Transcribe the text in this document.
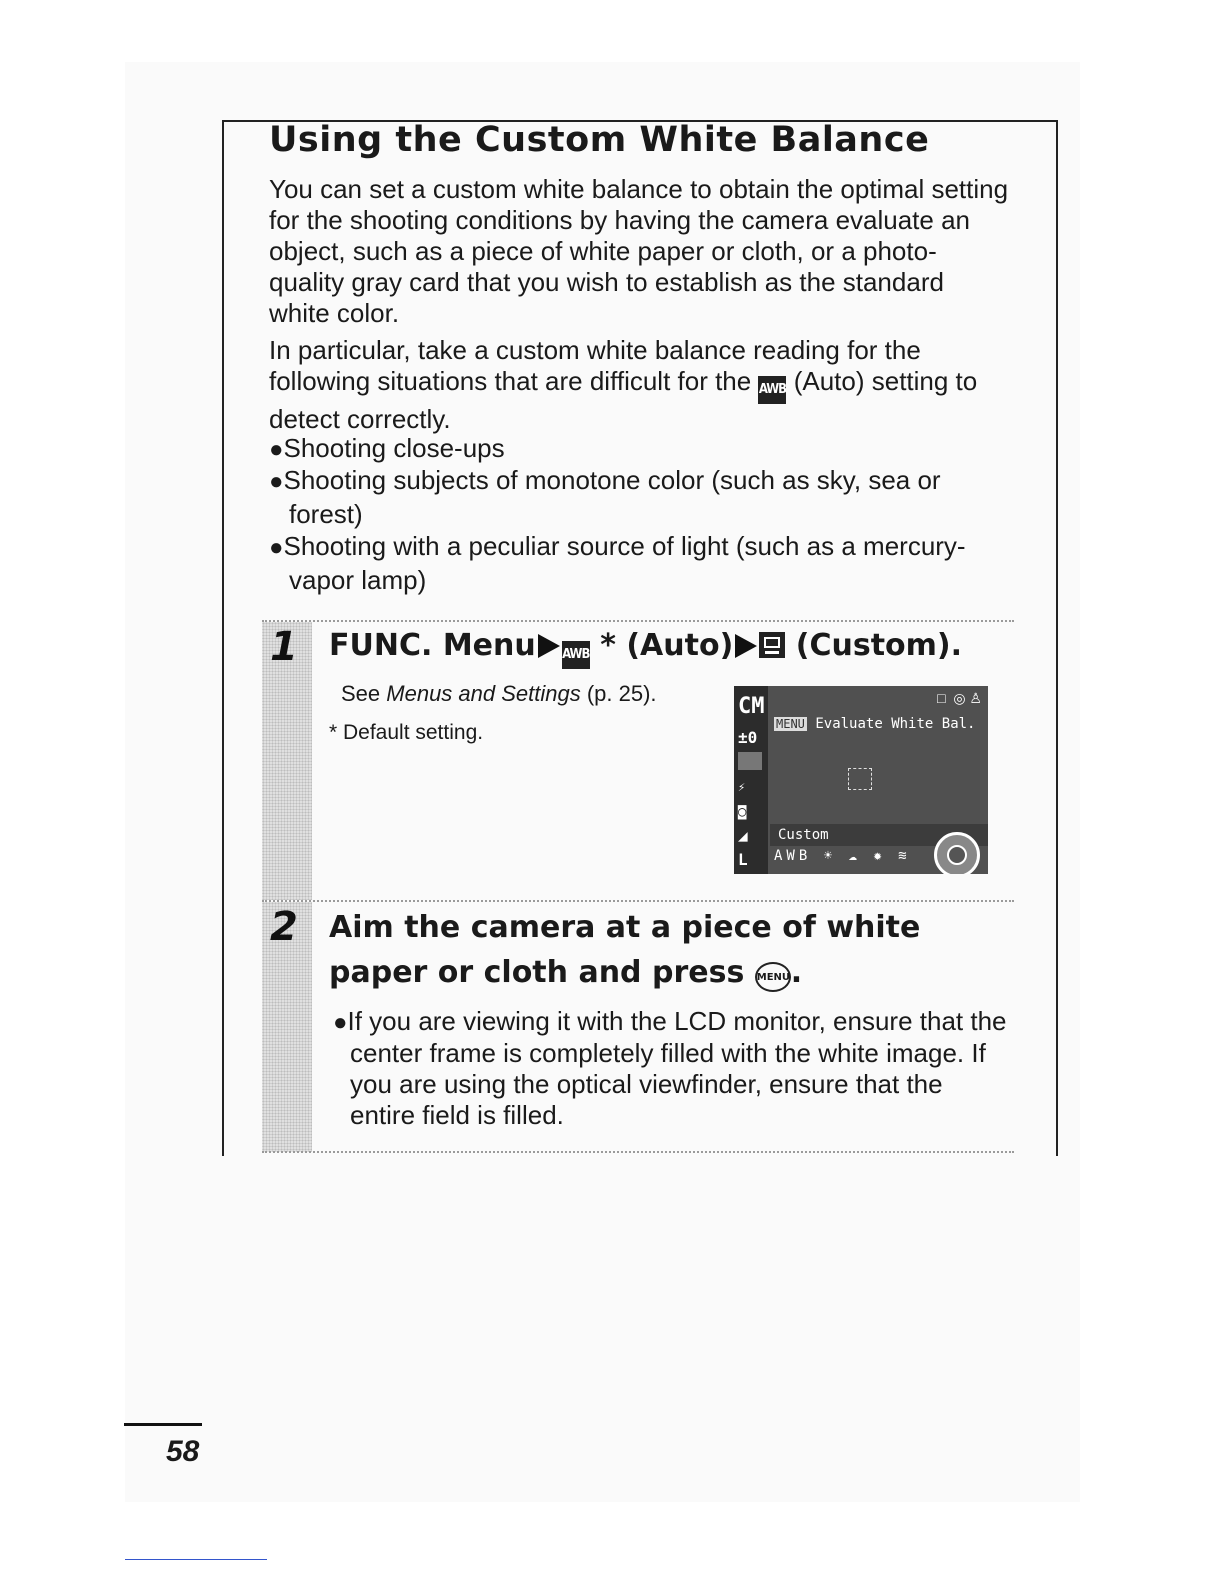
Using the Custom White Balance
You can set a custom white balance to obtain the optimal setting for the shooting conditions by having the camera evaluate an object, such as a piece of white paper or cloth, or a photo-quality gray card that you wish to establish as the standard white color.
In particular, take a custom white balance reading for the following situations that are difficult for the AWB (Auto) setting to detect correctly.
●Shooting close-ups
●Shooting subjects of monotone color (such as sky, sea or forest)
●Shooting with a peculiar source of light (such as a mercury-vapor lamp)
1 FUNC. Menu AWB * (Auto) (Custom).
See Menus and Settings (p. 25).
* Default setting.
CM
±0
⚡
◙
◢
L
□  ◎ ♙
MENU Evaluate White Bal.
Custom
AWB ☀ ☁ ✹ ≋
2 Aim the camera at a piece of white
paper or cloth and press MENU.
●If you are viewing it with the LCD monitor, ensure that the center frame is completely filled with the white image. If you are using the optical viewfinder, ensure that the entire field is filled.
58
